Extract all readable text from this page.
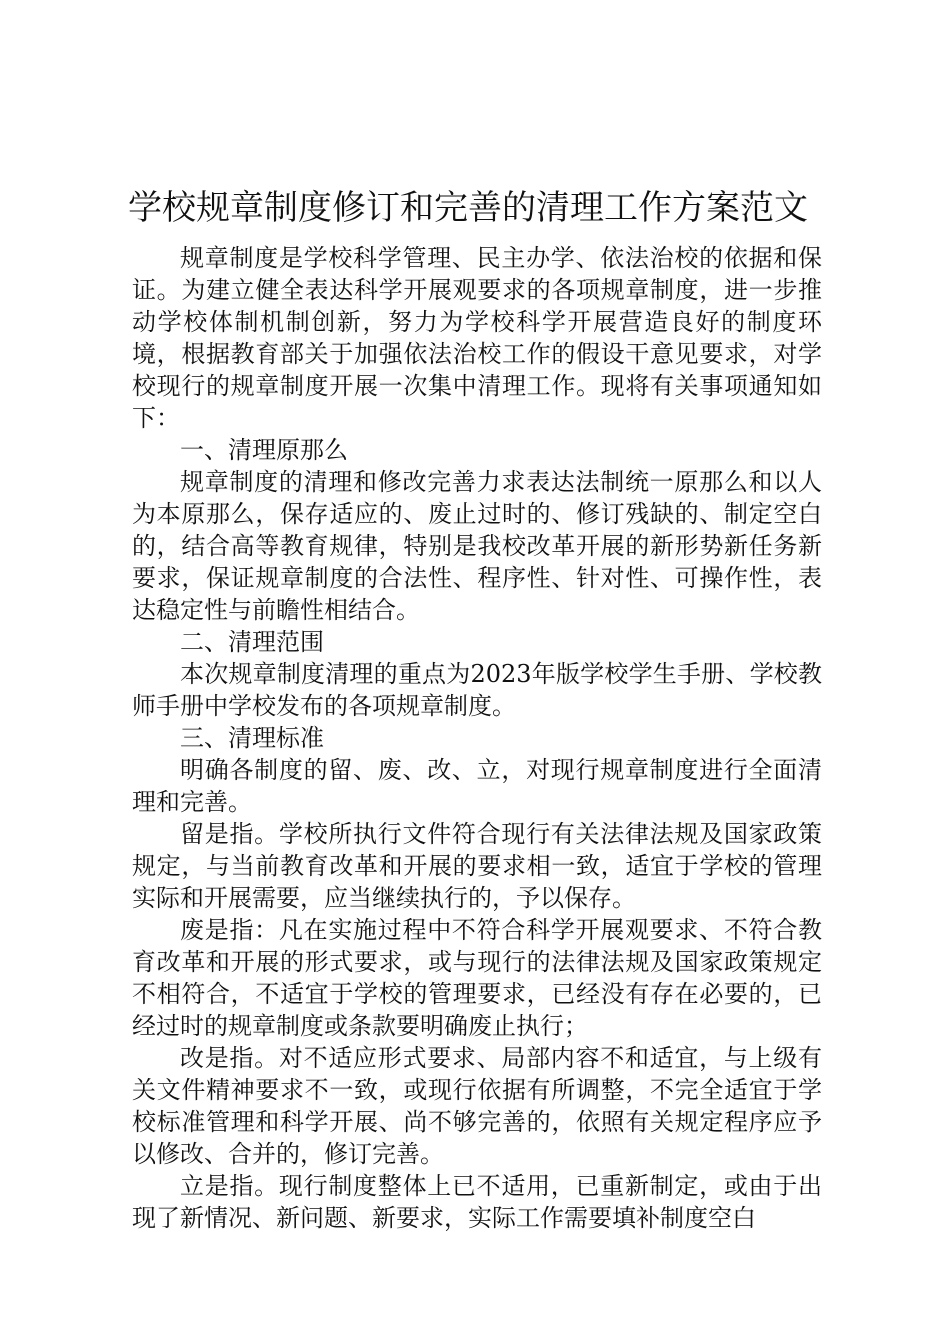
学校规章制度修订和完善的清理工作方案范文

规章制度是学校科学管理、民主办学、依法治校的依据和保证。为建立健全表达科学开展观要求的各项规章制度，进一步推动学校体制机制创新，努力为学校科学开展营造良好的制度环境，根据教育部关于加强依法治校工作的假设干意见要求，对学校现行的规章制度开展一次集中清理工作。现将有关事项通知如下：

一、清理原那么

规章制度的清理和修改完善力求表达法制统一原那么和以人为本原那么，保存适应的、废止过时的、修订残缺的、制定空白的，结合高等教育规律，特别是我校改革开展的新形势新任务新要求，保证规章制度的合法性、程序性、针对性、可操作性，表达稳定性与前瞻性相结合。

二、清理范围

本次规章制度清理的重点为2023年版学校学生手册、学校教师手册中学校发布的各项规章制度。

三、清理标准

明确各制度的留、废、改、立，对现行规章制度进行全面清理和完善。

留是指。学校所执行文件符合现行有关法律法规及国家政策规定，与当前教育改革和开展的要求相一致，适宜于学校的管理实际和开展需要，应当继续执行的，予以保存。

废是指：凡在实施过程中不符合科学开展观要求、不符合教育改革和开展的形式要求，或与现行的法律法规及国家政策规定不相符合，不适宜于学校的管理要求，已经没有存在必要的，已经过时的规章制度或条款要明确废止执行；

改是指。对不适应形式要求、局部内容不和适宜，与上级有关文件精神要求不一致，或现行依据有所调整，不完全适宜于学校标准管理和科学开展、尚不够完善的，依照有关规定程序应予以修改、合并的，修订完善。

立是指。现行制度整体上已不适用，已重新制定，或由于出现了新情况、新问题、新要求，实际工作需要填补制度空白
